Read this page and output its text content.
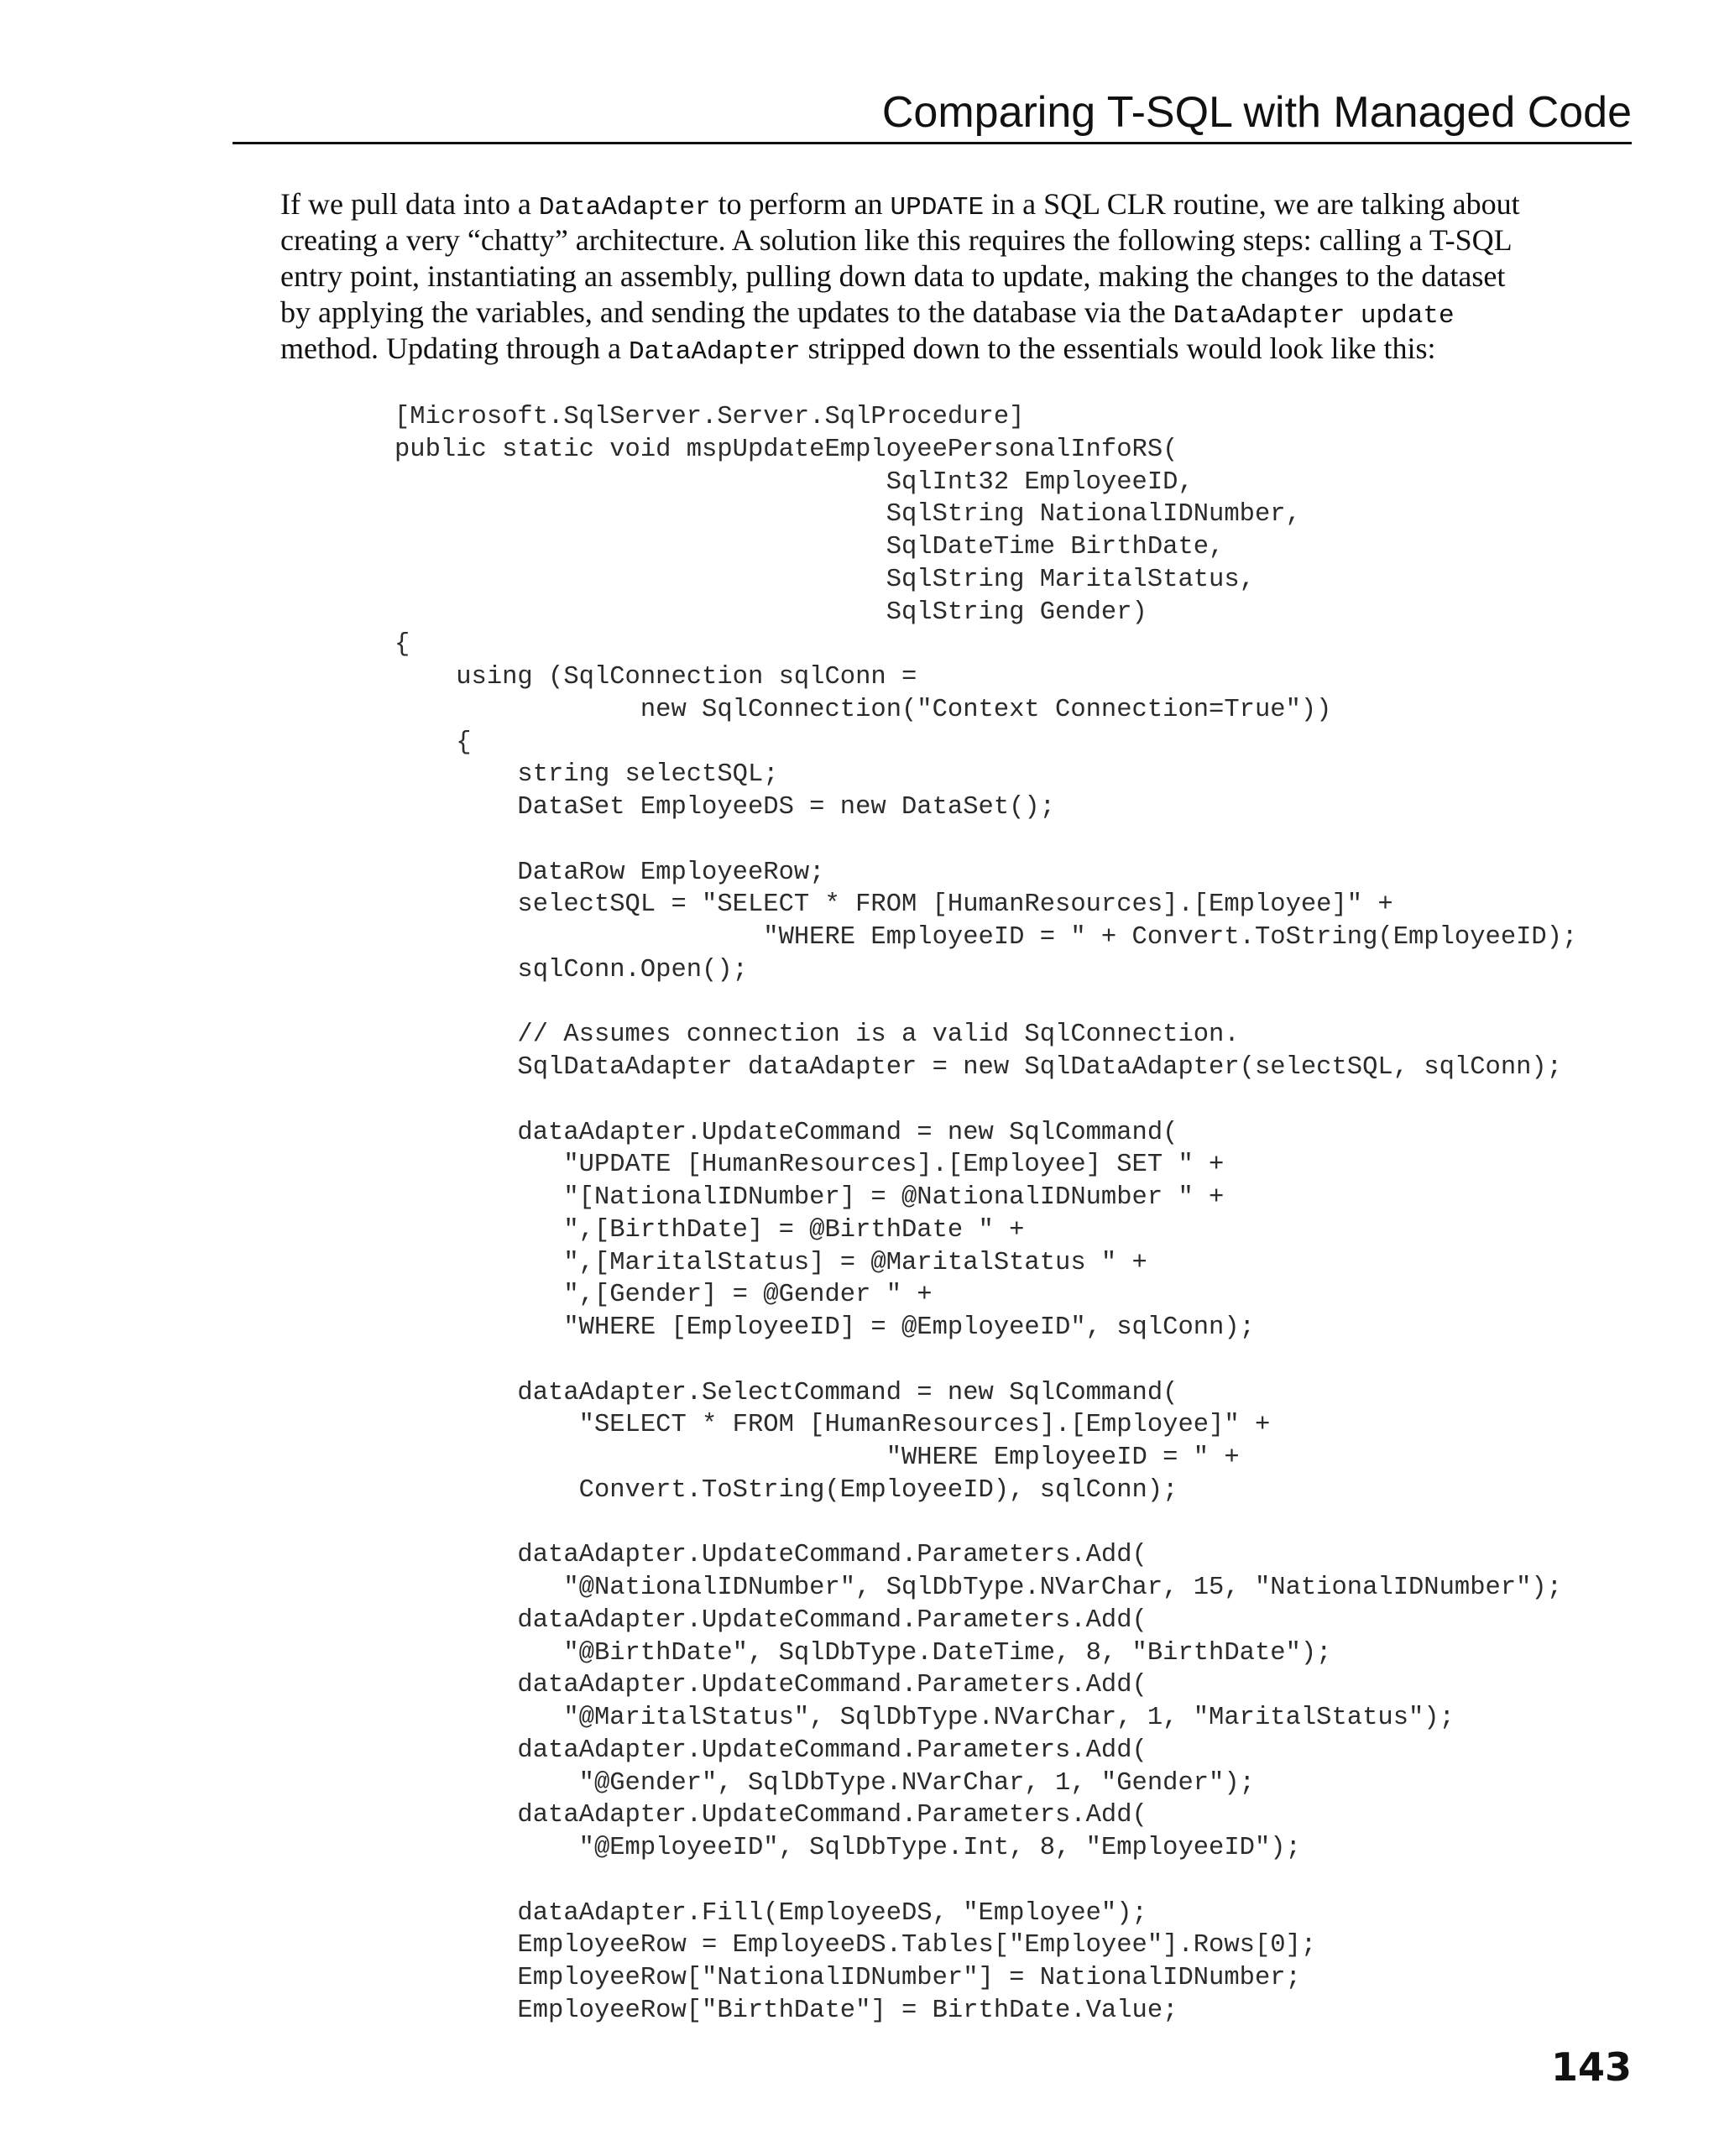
Comparing T-SQL with Managed Code
If we pull data into a DataAdapter to perform an UPDATE in a SQL CLR routine, we are talking about
creating a very “chatty” architecture. A solution like this requires the following steps: calling a T-SQL
entry point, instantiating an assembly, pulling down data to update, making the changes to the dataset
by applying the variables, and sending the updates to the database via the DataAdapter update
method. Updating through a DataAdapter stripped down to the essentials would look like this:
[Microsoft.SqlServer.Server.SqlProcedure]
public static void mspUpdateEmployeePersonalInfoRS(
SqlInt32 EmployeeID,
SqlString NationalIDNumber,
SqlDateTime BirthDate,
SqlString MaritalStatus,
SqlString Gender)
{
using (SqlConnection sqlConn =
new SqlConnection("Context Connection=True"))
{
string selectSQL;
DataSet EmployeeDS = new DataSet();
DataRow EmployeeRow;
selectSQL = "SELECT * FROM [HumanResources].[Employee]" +
"WHERE EmployeeID = " + Convert.ToString(EmployeeID);
sqlConn.Open();
// Assumes connection is a valid SqlConnection.
SqlDataAdapter dataAdapter = new SqlDataAdapter(selectSQL, sqlConn);
dataAdapter.UpdateCommand = new SqlCommand(
"UPDATE [HumanResources].[Employee] SET " +
"[NationalIDNumber] = @NationalIDNumber " +
",[BirthDate] = @BirthDate " +
",[MaritalStatus] = @MaritalStatus " +
",[Gender] = @Gender " +
"WHERE [EmployeeID] = @EmployeeID", sqlConn);
dataAdapter.SelectCommand = new SqlCommand(
"SELECT * FROM [HumanResources].[Employee]" +
"WHERE EmployeeID = " +
Convert.ToString(EmployeeID), sqlConn);
dataAdapter.UpdateCommand.Parameters.Add(
"@NationalIDNumber", SqlDbType.NVarChar, 15, "NationalIDNumber");
dataAdapter.UpdateCommand.Parameters.Add(
"@BirthDate", SqlDbType.DateTime, 8, "BirthDate");
dataAdapter.UpdateCommand.Parameters.Add(
"@MaritalStatus", SqlDbType.NVarChar, 1, "MaritalStatus");
dataAdapter.UpdateCommand.Parameters.Add(
"@Gender", SqlDbType.NVarChar, 1, "Gender");
dataAdapter.UpdateCommand.Parameters.Add(
"@EmployeeID", SqlDbType.Int, 8, "EmployeeID");
dataAdapter.Fill(EmployeeDS, "Employee");
EmployeeRow = EmployeeDS.Tables["Employee"].Rows[0];
EmployeeRow["NationalIDNumber"] = NationalIDNumber;
EmployeeRow["BirthDate"] = BirthDate.Value;
143
